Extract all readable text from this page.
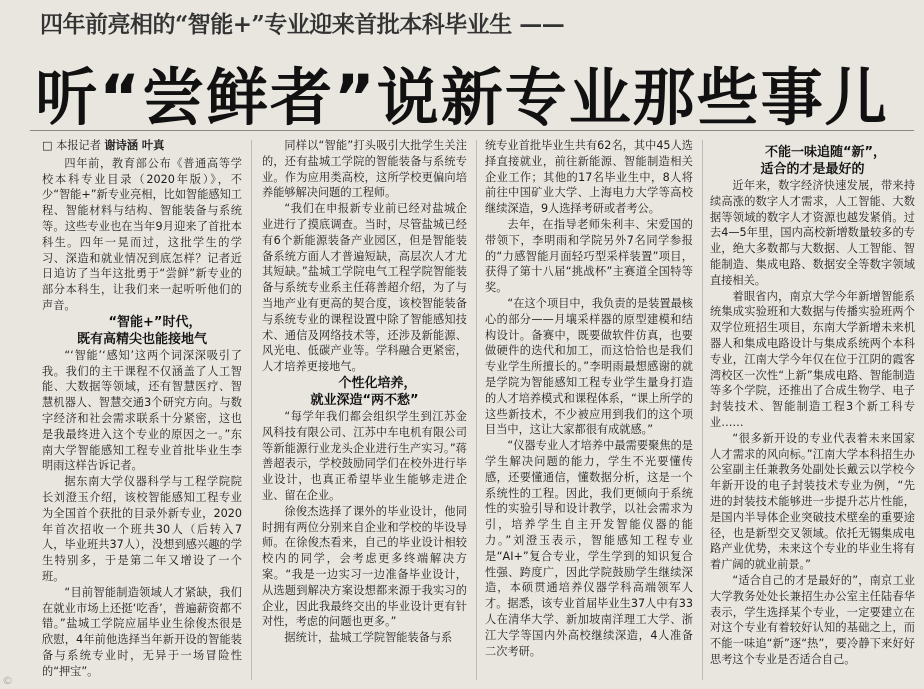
四年前亮相的“智能+”专业迎来首批本科毕业生 ——
听“尝鲜者”说新专业那些事儿

□ 本报记者 谢诗涵 叶真

四年前，教育部公布《普通高等学校本科专业目录（2020年版）》，不少“智能+”新专业亮相，比如智能感知工程、智能材料与结构、智能装备与系统等。这些专业也在当年9月迎来了首批本科生。四年一晃而过，这批学生的学习、深造和就业情况到底怎样？记者近日追访了当年这批勇于“尝鲜”新专业的部分本科生，让我们来一起听听他们的声音。

“智能+”时代，
既有高精尖也能接地气

“‘智能’‘感知’这两个词深深吸引了我。我们的主干课程不仅涵盖了人工智能、大数据等领域，还有智慧医疗、智慧机器人、智慧交通3个研究方向。与数字经济和社会需求联系十分紧密，这也是我最终进入这个专业的原因之一。”东南大学智能感知工程专业首批毕业生李明雨这样告诉记者。

据东南大学仪器科学与工程学院院长刘澄玉介绍，该校智能感知工程专业为全国首个获批的目录外新专业，2020年首次招收一个班共30人（后转入7人，毕业班共37人），没想到感兴趣的学生特别多，于是第二年又增设了一个班。

“目前智能制造领域人才紧缺，我们在就业市场上还挺‘吃香’，普遍薪资都不错。”盐城工学院应届毕业生徐俊杰很是欣慰，4年前他选择当年新开设的智能装备与系统专业时，无异于一场冒险性的“押宝”。

同样以“智能”打头吸引大批学生关注的，还有盐城工学院的智能装备与系统专业。作为应用类高校，这所学校更偏向培养能够解决问题的工程师。

“我们在申报新专业前已经对盐城企业进行了摸底调查。当时，尽管盐城已经有6个新能源装备产业园区，但是智能装备系统方面人才普遍短缺，高层次人才尤其短缺。”盐城工学院电气工程学院智能装备与系统专业系主任蒋善超介绍，为了与当地产业有更高的契合度，该校智能装备与系统专业的课程设置中除了智能感知技术、通信及网络技术等，还涉及新能源、风光电、低碳产业等。学科融合更紧密，人才培养更接地气。

个性化培养，
就业深造“两不愁”

“每学年我们都会组织学生到江苏金风科技有限公司、江苏中车电机有限公司等新能源行业龙头企业进行生产实习。”蒋善超表示，学校鼓励同学们在校外进行毕业设计，也真正希望毕业生能够走进企业、留在企业。

徐俊杰选择了课外的毕业设计，他同时拥有两位分别来自企业和学校的毕设导师。在徐俊杰看来，自己的毕业设计相较校内的同学，会考虑更多终端解决方案。“我是一边实习一边准备毕业设计，从选题到解决方案设想都来源于我实习的企业，因此我最终交出的毕业设计更有针对性，考虑的问题也更多。”

据统计，盐城工学院智能装备与系

统专业首批毕业生共有62名，其中45人选择直接就业，前往新能源、智能制造相关企业工作；其他的17名毕业生中，8人将前往中国矿业大学、上海电力大学等高校继续深造，9人选择考研或者考公。

去年，在指导老师朱利丰、宋爱国的带领下，李明雨和学院另外7名同学参报的“力感智能月面轻巧型采样装置”项目，获得了第十八届“挑战杯”主赛道全国特等奖。

“在这个项目中，我负责的是装置最核心的部分——月壤采样器的原型建模和结构设计。备赛中，既要做软件仿真，也要做硬件的迭代和加工，而这恰恰也是我们专业学生所擅长的。”李明雨最想感谢的就是学院为智能感知工程专业学生量身打造的人才培养模式和课程体系，“课上所学的这些新技术，不少被应用到我们的这个项目当中，这让大家都很有成就感。”

“仪器专业人才培养中最需要聚焦的是学生解决问题的能力，学生不光要懂传感，还要懂通信，懂数据分析，这是一个系统性的工程。因此，我们更倾向于系统性的实验引导和设计教学，以社会需求为引，培养学生自主开发智能仪器的能力。”刘澄玉表示，智能感知工程专业是“AI+”复合专业，学生学到的知识复合性强、跨度广，因此学院鼓励学生继续深造，本硕贯通培养仪器学科高端领军人才。据悉，该专业首届毕业生37人中有33人在清华大学、新加坡南洋理工大学、浙江大学等国内外高校继续深造，4人准备二次考研。

不能一味追随“新”，
适合的才是最好的

近年来，数字经济快速发展，带来持续高涨的数字人才需求，人工智能、大数据等领域的数字人才资源也越发紧俏。过去4—5年里，国内高校新增数量较多的专业，绝大多数都与大数据、人工智能、智能制造、集成电路、数据安全等数字领域直接相关。

着眼省内，南京大学今年新增智能系统集成实验班和大数据与传播实验班两个双学位班招生项目，东南大学新增未来机器人和集成电路设计与集成系统两个本科专业，江南大学今年仅在位于江阴的霞客湾校区一次性“上新”集成电路、智能制造等多个学院，还推出了合成生物学、电子封装技术、智能制造工程3个新工科专业……

“很多新开设的专业代表着未来国家人才需求的风向标。”江南大学本科招生办公室副主任兼教务处副处长戴云以学校今年新开设的电子封装技术专业为例，“先进的封装技术能够进一步提升芯片性能，是国内半导体企业突破技术壁垒的重要途径，也是新型交叉领域。依托无锡集成电路产业优势，未来这个专业的毕业生将有着广阔的就业前景。”

“适合自己的才是最好的”，南京工业大学教务处处长兼招生办公室主任陆春华表示，学生选择某个专业，一定要建立在对这个专业有着较好认知的基础之上，而不能一味追“新”逐“热”，要冷静下来好好思考这个专业是否适合自己。

©
